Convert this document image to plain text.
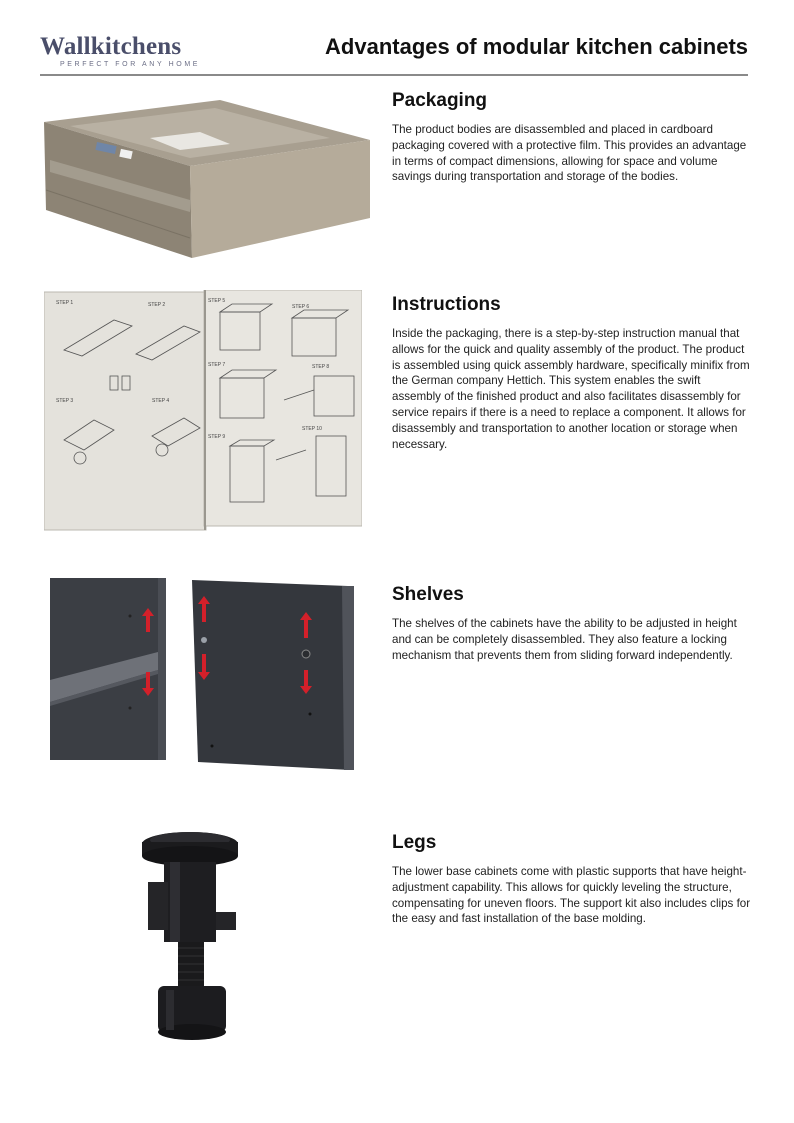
Wallkitchens
PERFECT FOR ANY HOME
Advantages of modular kitchen cabinets
Packaging
The product bodies are disassembled and placed in cardboard packaging covered with a protective film. This provides an advantage in terms of compact dimensions, allowing for space and volume savings during transportation and storage of the bodies.
STEP 1	STEP 2
STEP 3	STEP 4
STEP 5
STEP 6
STEP 7	STEP 8
STEP 9
STEP 10
Instructions
Inside the packaging, there is a step-by-step instruction manual that allows for the quick and quality assembly of the product. The product is assembled using quick assembly hardware, specifically minifix from the German company Hettich. This system enables the swift assembly of the finished product and also facilitates disassembly for service repairs if there is a need to replace a component. It allows for disassembly and transportation to another location or storage when necessary.
Shelves
The shelves of the cabinets have the ability to be adjusted in height and can be completely disassembled. They also feature a locking mechanism that prevents them from sliding forward independently.
Legs
The lower base cabinets come with plastic supports that have height-adjustment capability. This allows for quickly leveling the structure, compensating for uneven floors. The support kit also includes clips for the easy and fast installation of the base molding.
